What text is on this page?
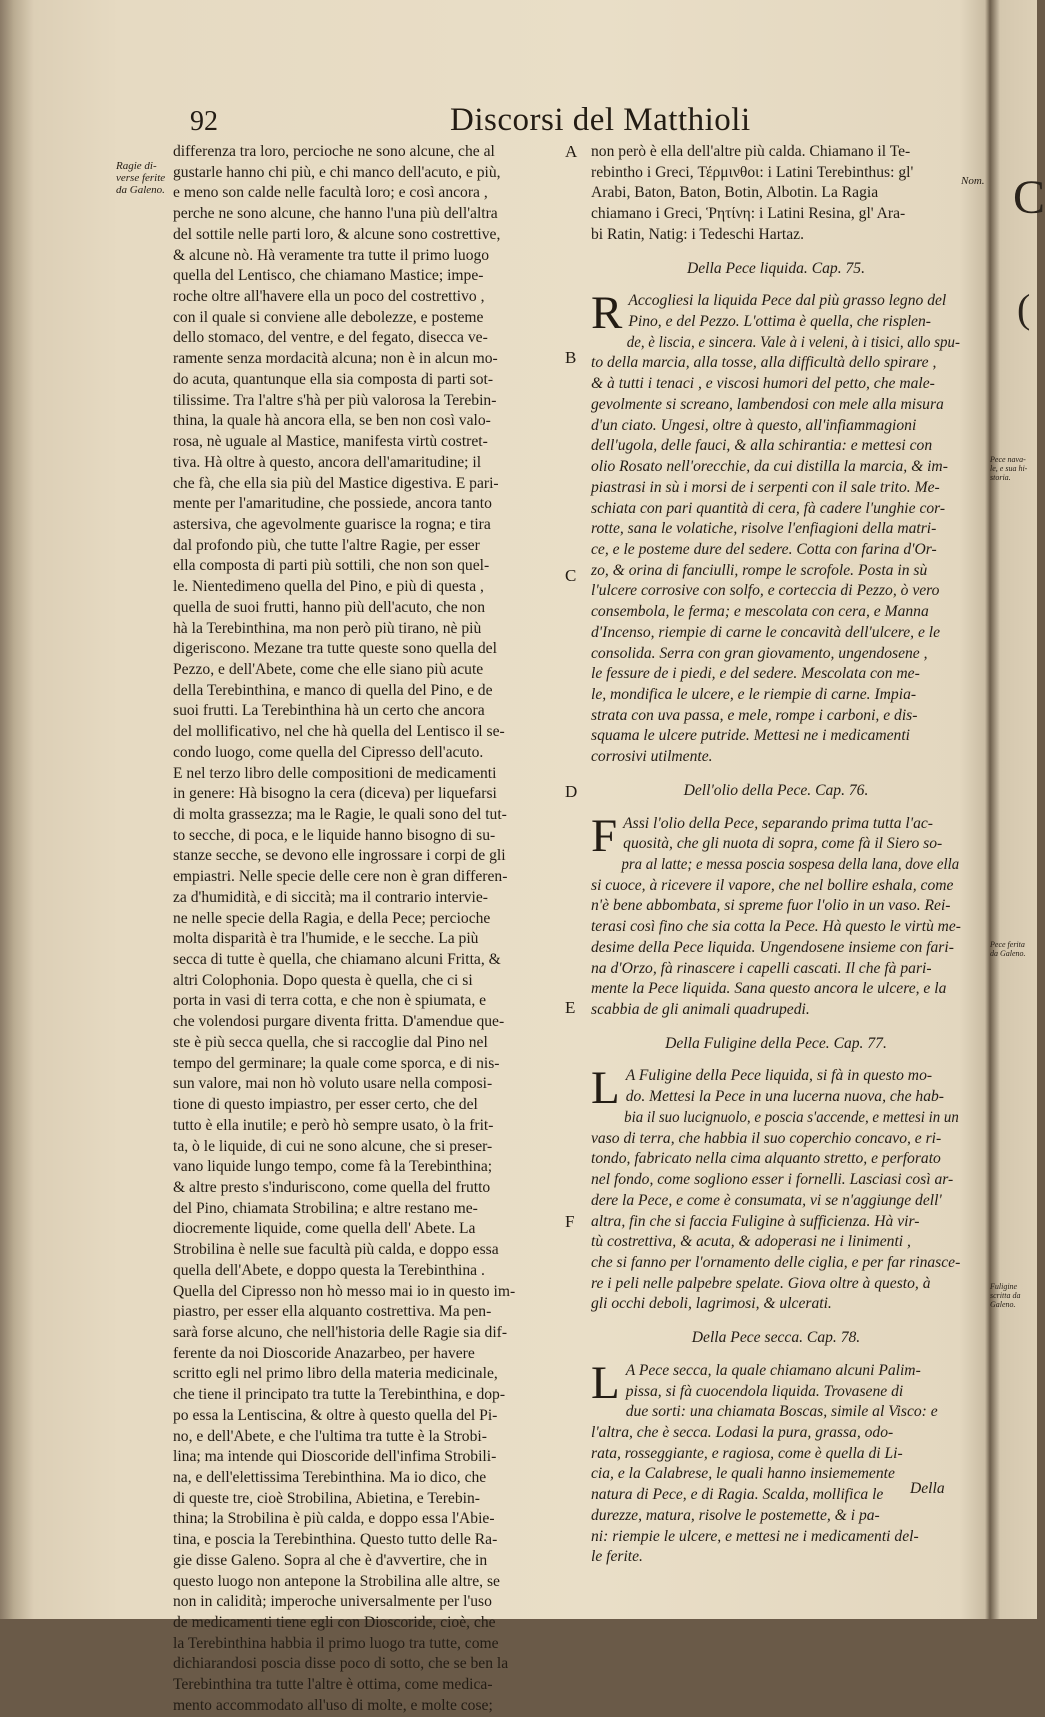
92	Discorsi del Matthioli
Ragie di-
verse ferite
da Galeno.
Nom.
Pece nava-
le, e sua hi-
storia.
Pece ferita
da Galeno.
Fuligine
scritta da
Galeno.
A
B
C
D
E
F
differenza tra loro, percioche ne sono alcune, che al
gustarle hanno chi più, e chi manco dell'acuto, e più,
e meno son calde nelle facultà loro; e così ancora ,
perche ne sono alcune, che hanno l'una più dell'altra
del sottile nelle parti loro, & alcune sono costrettive,
& alcune nò. Hà veramente tra tutte il primo luogo
quella del Lentisco, che chiamano Mastice; impe-
roche oltre all'havere ella un poco del costrettivo ,
con il quale si conviene alle debolezze, e posteme
dello stomaco, del ventre, e del fegato, disecca ve-
ramente senza mordacità alcuna; non è in alcun mo-
do acuta, quantunque ella sia composta di parti sot-
tilissime. Tra l'altre s'hà per più valorosa la Terebin-
thina, la quale hà ancora ella, se ben non così valo-
rosa, nè uguale al Mastice, manifesta virtù costret-
tiva. Hà oltre à questo, ancora dell'amaritudine; il
che fà, che ella sia più del Mastice digestiva. E pari-
mente per l'amaritudine, che possiede, ancora tanto
astersiva, che agevolmente guarisce la rogna; e tira
dal profondo più, che tutte l'altre Ragie, per esser
ella composta di parti più sottili, che non son quel-
le. Nientedimeno quella del Pino, e più di questa ,
quella de suoi frutti, hanno più dell'acuto, che non
hà la Terebinthina, ma non però più tirano, nè più
digeriscono. Mezane tra tutte queste sono quella del
Pezzo, e dell'Abete, come che elle siano più acute
della Terebinthina, e manco di quella del Pino, e de
suoi frutti. La Terebinthina hà un certo che ancora
del mollificativo, nel che hà quella del Lentisco il se-
condo luogo, come quella del Cipresso dell'acuto.
E nel terzo libro delle compositioni de medicamenti
in genere: Hà bisogno la cera (diceva) per liquefarsi
di molta grassezza; ma le Ragie, le quali sono del tut-
to secche, di poca, e le liquide hanno bisogno di su-
stanze secche, se devono elle ingrossare i corpi de gli
empiastri. Nelle specie delle cere non è gran differen-
za d'humidità, e di siccità; ma il contrario intervie-
ne nelle specie della Ragia, e della Pece; percioche
molta disparità è tra l'humide, e le secche. La più
secca di tutte è quella, che chiamano alcuni Fritta, &
altri Colophonia. Dopo questa è quella, che ci si
porta in vasi di terra cotta, e che non è spiumata, e
che volendosi purgare diventa fritta. D'amendue que-
ste è più secca quella, che si raccoglie dal Pino nel
tempo del germinare; la quale come sporca, e di nis-
sun valore, mai non hò voluto usare nella composi-
tione di questo impiastro, per esser certo, che del
tutto è ella inutile; e però hò sempre usato, ò la frit-
ta, ò le liquide, di cui ne sono alcune, che si preser-
vano liquide lungo tempo, come fà la Terebinthina;
& altre presto s'induriscono, come quella del frutto
del Pino, chiamata Strobilina; e altre restano me-
diocremente liquide, come quella dell' Abete. La
Strobilina è nelle sue facultà più calda, e doppo essa
quella dell'Abete, e doppo questa la Terebinthina .
Quella del Cipresso non hò messo mai io in questo im-
piastro, per esser ella alquanto costrettiva. Ma pen-
sarà forse alcuno, che nell'historia delle Ragie sia dif-
ferente da noi Dioscoride Anazarbeo, per havere
scritto egli nel primo libro della materia medicinale,
che tiene il principato tra tutte la Terebinthina, e dop-
po essa la Lentiscina, & oltre à questo quella del Pi-
no, e dell'Abete, e che l'ultima tra tutte è la Strobi-
lina; ma intende qui Dioscoride dell'infima Strobili-
na, e dell'elettissima Terebinthina. Ma io dico, che
di queste tre, cioè Strobilina, Abietina, e Terebin-
thina; la Strobilina è più calda, e doppo essa l'Abie-
tina, e poscia la Terebinthina. Questo tutto delle Ra-
gie disse Galeno. Sopra al che è d'avvertire, che in
questo luogo non antepone la Strobilina alle altre, se
non in calidità; imperoche universalmente per l'uso
de medicamenti tiene egli con Dioscoride, cioè, che
la Terebinthina habbia il primo luogo tra tutte, come
dichiarandosi poscia disse poco di sotto, che se ben la
Terebinthina tra tutte l'altre è ottima, come medica-
mento accommodato all'uso di molte, e molte cose;
non però è ella dell'altre più calda. Chiamano il Te-
rebintho i Greci, Τέρμινθοι: i Latini Terebinthus: gl'
Arabi, Baton, Baton, Botin, Albotin. La Ragia
chiamano i Greci, Ῥητίνη: i Latini Resina, gl' Ara-
bi Ratin, Natig: i Tedeschi Hartaz.
Della Pece liquida. Cap. 75.
R Accogliesi la liquida Pece dal più grasso legno del
Pino, e del Pezzo. L'ottima è quella, che risplen-
de, è liscia, e sincera. Vale à i veleni, à i tisici, allo spu-
to della marcia, alla tosse, alla difficultà dello spirare ,
& à tutti i tenaci , e viscosi humori del petto, che male-
gevolmente si screano, lambendosi con mele alla misura
d'un ciato. Ungesi, oltre à questo, all'infiammagioni
dell'ugola, delle fauci, & alla schirantia: e mettesi con
olio Rosato nell'orecchie, da cui distilla la marcia, & im-
piastrasi in sù i morsi de i serpenti con il sale trito. Me-
schiata con pari quantità di cera, fà cadere l'unghie cor-
rotte, sana le volatiche, risolve l'enfiagioni della matri-
ce, e le posteme dure del sedere. Cotta con farina d'Or-
zo, & orina di fanciulli, rompe le scrofole. Posta in sù
l'ulcere corrosive con solfo, e corteccia di Pezzo, ò vero
consembola, le ferma; e mescolata con cera, e Manna
d'Incenso, riempie di carne le concavità dell'ulcere, e le
consolida. Serra con gran giovamento, ungendosene ,
le fessure de i piedi, e del sedere. Mescolata con me-
le, mondifica le ulcere, e le riempie di carne. Impia-
strata con uva passa, e mele, rompe i carboni, e dis-
squama le ulcere putride. Mettesi ne i medicamenti
corrosivi utilmente.
Dell'olio della Pece. Cap. 76.
F Assi l'olio della Pece, separando prima tutta l'ac-
quosità, che gli nuota di sopra, come fà il Siero so-
pra al latte; e messa poscia sospesa della lana, dove ella
si cuoce, à ricevere il vapore, che nel bollire eshala, come
n'è bene abbombata, si spreme fuor l'olio in un vaso. Rei-
terasi così fino che sia cotta la Pece. Hà questo le virtù me-
desime della Pece liquida. Ungendosene insieme con fari-
na d'Orzo, fà rinascere i capelli cascati. Il che fà pari-
mente la Pece liquida. Sana questo ancora le ulcere, e la
scabbia de gli animali quadrupedi.
Della Fuligine della Pece. Cap. 77.
L A Fuligine della Pece liquida, si fà in questo mo-
do. Mettesi la Pece in una lucerna nuova, che hab-
bia il suo lucignuolo, e poscia s'accende, e mettesi in un
vaso di terra, che habbia il suo coperchio concavo, e ri-
tondo, fabricato nella cima alquanto stretto, e perforato
nel fondo, come sogliono esser i fornelli. Lasciasi così ar-
dere la Pece, e come è consumata, vi se n'aggiunge dell'
altra, fin che si faccia Fuligine à sufficienza. Hà vir-
tù costrettiva, & acuta, & adoperasi ne i linimenti ,
che si fanno per l'ornamento delle ciglia, e per far rinasce-
re i peli nelle palpebre spelate. Giova oltre à questo, à
gli occhi deboli, lagrimosi, & ulcerati.
Della Pece secca. Cap. 78.
L A Pece secca, la quale chiamano alcuni Palim-
pissa, si fà cuocendola liquida. Trovasene di
due sorti: una chiamata Boscas, simile al Visco: e
l'altra, che è secca. Lodasi la pura, grassa, odo-
rata, rosseggiante, e ragiosa, come è quella di Li-
cia, e la Calabrese, le quali hanno insiememente
natura di Pece, e di Ragia. Scalda, mollifica le
durezze, matura, risolve le postemette, & i pa-
ni: riempie le ulcere, e mettesi ne i medicamenti del-
le ferite.
Della
C
(
